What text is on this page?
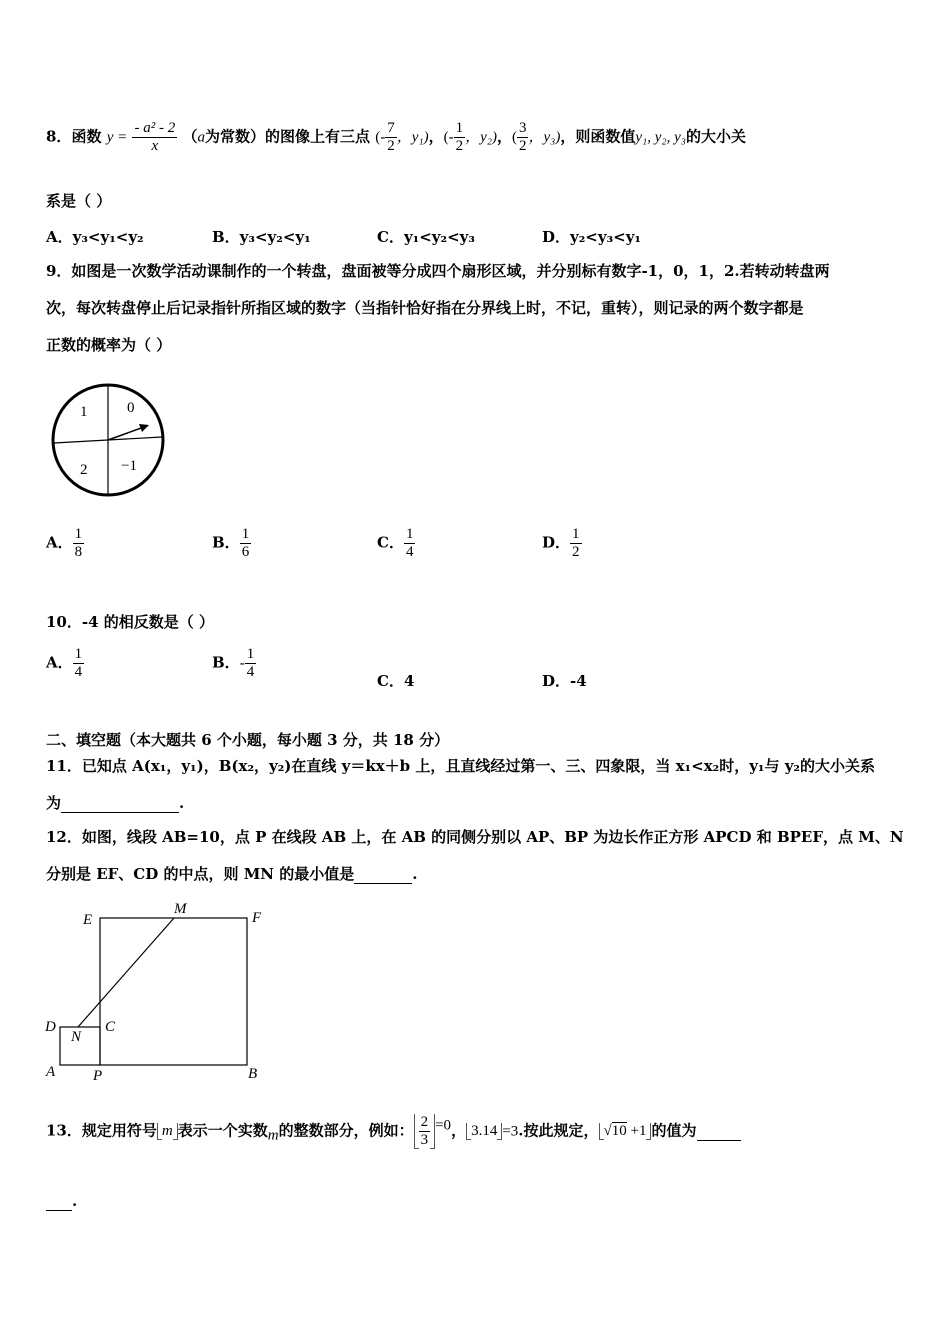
8．函数 $y = \frac{\text{- a² - 2}}{x} (a$为常数）的图像上有三点 (- $\frac{7}{2}$ ，y₁)，(- $\frac{1}{2}$ ，y₂)，( $\frac{3}{2}$ ，y₃)，则函数值y₁, y₂, y₃的大小关
系是（ ）
A．y₃<y₁<y₂	B．y₃<y₂<y₁	C．y₁<y₂<y₃	D．y₂<y₃<y₁
9．如图是一次数学活动课制作的一个转盘，盘面被等分成四个扇形区域，并分别标有数字-1，0，1，2.若转动转盘两
次，每次转盘停止后记录指针所指区域的数字（当指针恰好指在分界线上时，不记，重转），则记录的两个数字都是
正数的概率为（ ）
1	0
2 −1
A． $\frac{1}{8}$	B． $\frac{1}{6}$	C． $\frac{1}{4}$	D． $\frac{1}{2}$
10．-4 的相反数是（ ）
A． $\frac{1}{4}$	B．- $\frac{1}{4}$	C．4	D．-4
二、填空题（本大题共 6 个小题，每小题 3 分，共 18 分）
11．已知点 A(x₁，y₁)，B(x₂，y₂)在直线 y＝kx＋b 上，且直线经过第一、三、四象限，当 x₁<x₂时，y₁与 y₂的大小关系
为	.
12．如图，线段 AB=10，点 P 在线段 AB 上，在 AB 的同侧分别以 AP、BP 为边长作正方形 APCD 和 BPEF，点 M、N
分别是 EF、CD 的中点，则 MN 的最小值是	.
E
M
F
D
N
C
A	P	B
13．规定用符号 m 表示一个实数m的整数部分，例如： $\frac{2}{3} =0$， 3.14 =3.按此规定， √10 +1 的值为
.
